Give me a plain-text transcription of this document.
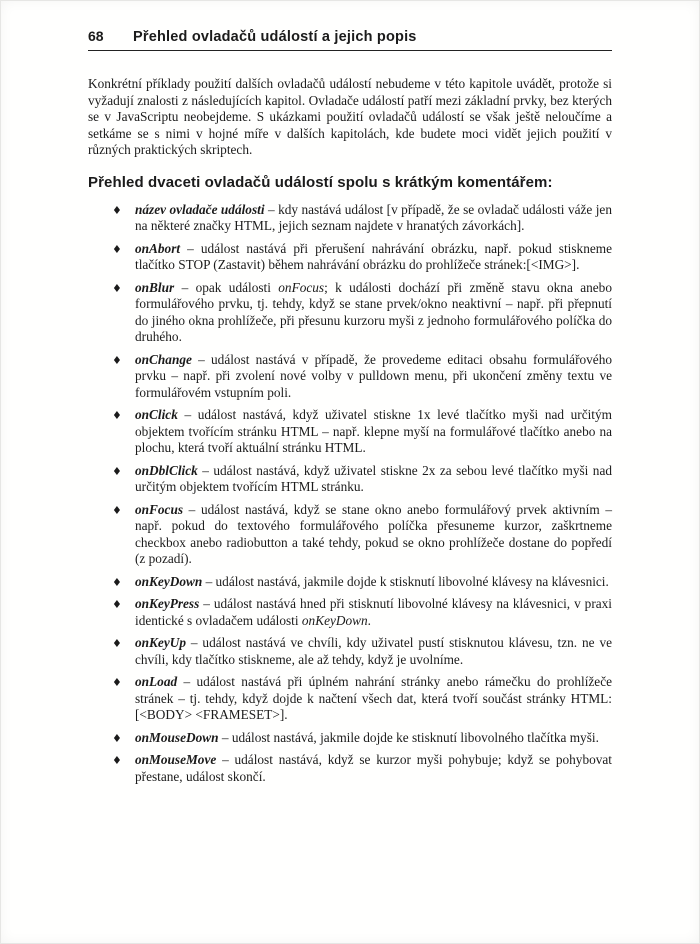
68	Přehled ovladačů událostí a jejich popis

Konkrétní příklady použití dalších ovladačů událostí nebudeme v této kapitole uvádět, protože si vyžadují znalosti z následujících kapitol. Ovladače událostí patří mezi základní prvky, bez kterých se v JavaScriptu neobejdeme. S ukázkami použití ovladačů událostí se však ještě neloučíme a setkáme se s nimi v hojné míře v dalších kapitolách, kde budete moci vidět jejich použití v různých praktických skriptech.

Přehled dvaceti ovladačů událostí spolu s krátkým komentářem:
♦ název ovladače události – kdy nastává událost [v případě, že se ovladač události váže jen na některé značky HTML, jejich seznam najdete v hranatých závorkách].
♦ onAbort – událost nastává při přerušení nahrávání obrázku, např. pokud stiskneme tlačítko STOP (Zastavit) během nahrávání obrázku do prohlížeče stránek:[<IMG>].
♦ onBlur – opak události onFocus; k události dochází při změně stavu okna anebo formulářového prvku, tj. tehdy, když se stane prvek/okno neaktivní – např. při přepnutí do jiného okna prohlížeče, při přesunu kurzoru myši z jednoho formulářového políčka do druhého.
♦ onChange – událost nastává v případě, že provedeme editaci obsahu formulářového prvku – např. při zvolení nové volby v pulldown menu, při ukončení změny textu ve formulářovém vstupním poli.
♦ onClick – událost nastává, když uživatel stiskne 1x levé tlačítko myši nad určitým objektem tvořícím stránku HTML – např. klepne myší na formulářové tlačítko anebo na plochu, která tvoří aktuální stránku HTML.
♦ onDblClick – událost nastává, když uživatel stiskne 2x za sebou levé tlačítko myši nad určitým objektem tvořícím HTML stránku.
♦ onFocus – událost nastává, když se stane okno anebo formulářový prvek aktivním – např. pokud do textového formulářového políčka přesuneme kurzor, zaškrtneme checkbox anebo radiobutton a také tehdy, pokud se okno prohlížeče dostane do popředí (z pozadí).
♦ onKeyDown – událost nastává, jakmile dojde k stisknutí libovolné klávesy na klávesnici.
♦ onKeyPress – událost nastává hned při stisknutí libovolné klávesy na klávesnici, v praxi identické s ovladačem události onKeyDown.
♦ onKeyUp – událost nastává ve chvíli, kdy uživatel pustí stisknutou klávesu, tzn. ne ve chvíli, kdy tlačítko stiskneme, ale až tehdy, když je uvolníme.
♦ onLoad – událost nastává při úplném nahrání stránky anebo rámečku do prohlížeče stránek – tj. tehdy, když dojde k načtení všech dat, která tvoří součást stránky HTML: [<BODY> <FRAMESET>].
♦ onMouseDown – událost nastává, jakmile dojde ke stisknutí libovolného tlačítka myši.
♦ onMouseMove – událost nastává, když se kurzor myši pohybuje; když se pohybovat přestane, událost skončí.
